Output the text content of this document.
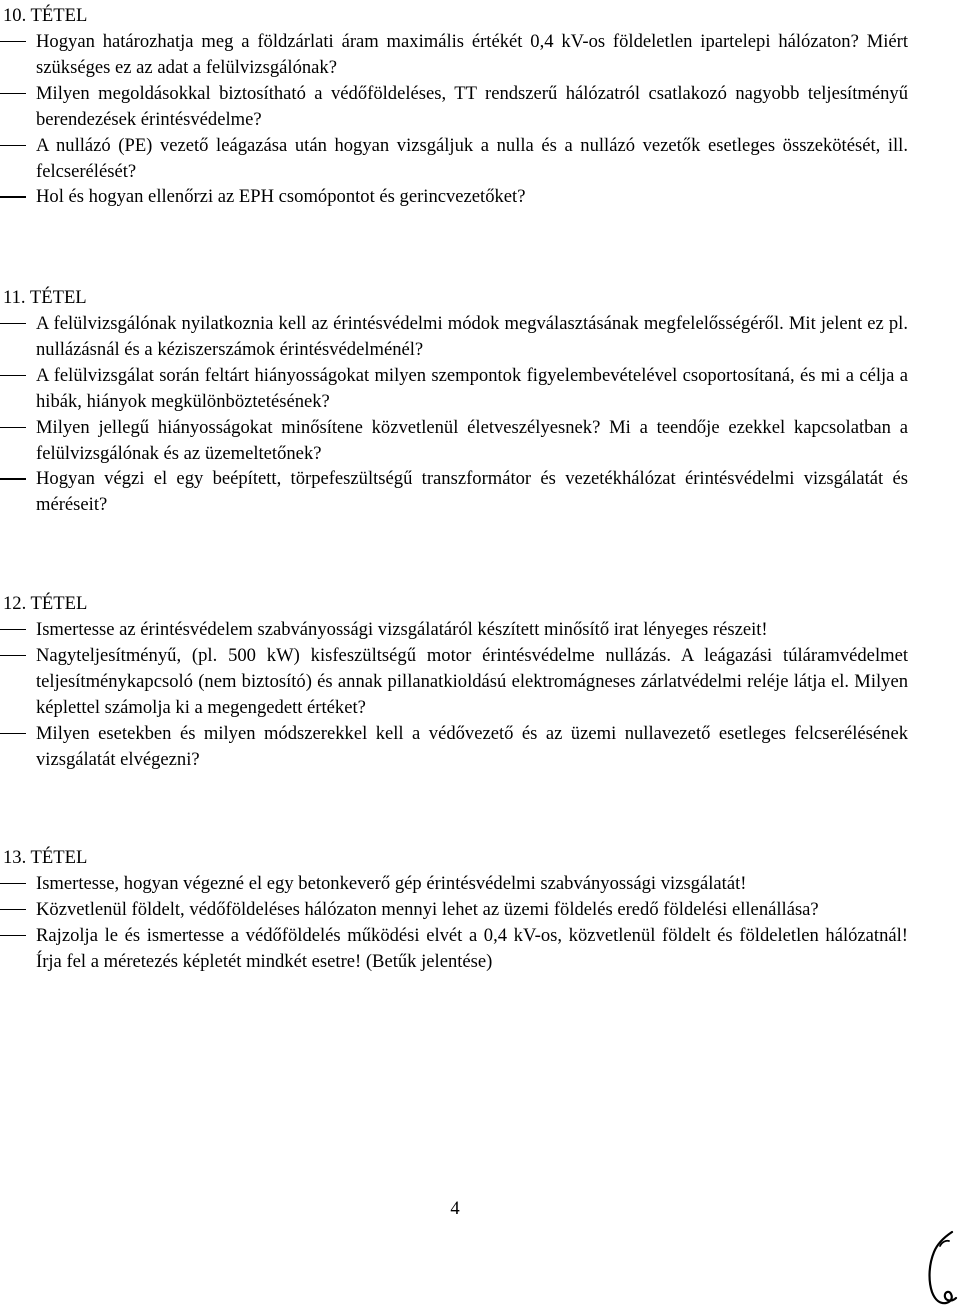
10. TÉTEL
Hogyan határozhatja meg a földzárlati áram maximális értékét 0,4 kV-os földeletlen ipartelepi hálózaton? Miért szükséges ez az adat a felülvizsgálónak?
Milyen megoldásokkal biztosítható a védőföldeléses, TT rendszerű hálózatról csatlakozó nagyobb teljesítményű berendezések érintésvédelme?
A nullázó (PE) vezető leágazása után hogyan vizsgáljuk a nulla és a nullázó vezetők esetleges összekötését, ill. felcserélését?
Hol és hogyan ellenőrzi az EPH csomópontot és gerincvezetőket?
11. TÉTEL
A felülvizsgálónak nyilatkoznia kell az érintésvédelmi módok megválasztásának megfelelősségéről. Mit jelent ez pl. nullázásnál és a kéziszerszámok érintésvédelménél?
A felülvizsgálat során feltárt hiányosságokat milyen szempontok figyelembevételével csoportosítaná, és mi a célja a hibák, hiányok megkülönböztetésének?
Milyen jellegű hiányosságokat minősítene közvetlenül életveszélyesnek? Mi a teendője ezekkel kapcsolatban a felülvizsgálónak és az üzemeltetőnek?
Hogyan végzi el egy beépített, törpefeszültségű transzformátor és vezetékhálózat érintésvédelmi vizsgálatát és méréseit?
12. TÉTEL
Ismertesse az érintésvédelem szabványossági vizsgálatáról készített minősítő irat lényeges részeit!
Nagyteljesítményű, (pl. 500 kW) kisfeszültségű motor érintésvédelme nullázás. A leágazási túláramvédelmet teljesítménykapcsoló (nem biztosító) és annak pillanatkioldású elektromágneses zárlatvédelmi reléje látja el. Milyen képlettel számolja ki a megengedett értéket?
Milyen esetekben és milyen módszerekkel kell a védővezető és az üzemi nullavezető esetleges felcserélésének vizsgálatát elvégezni?
13. TÉTEL
Ismertesse, hogyan végezné el egy betonkeverő gép érintésvédelmi szabványossági vizsgálatát!
Közvetlenül földelt, védőföldeléses hálózaton mennyi lehet az üzemi földelés eredő földelési ellenállása?
Rajzolja le és ismertesse a védőföldelés működési elvét a 0,4 kV-os, közvetlenül földelt és földeletlen hálózatnál! Írja fel a méretezés képletét mindkét esetre! (Betűk jelentése)
4
